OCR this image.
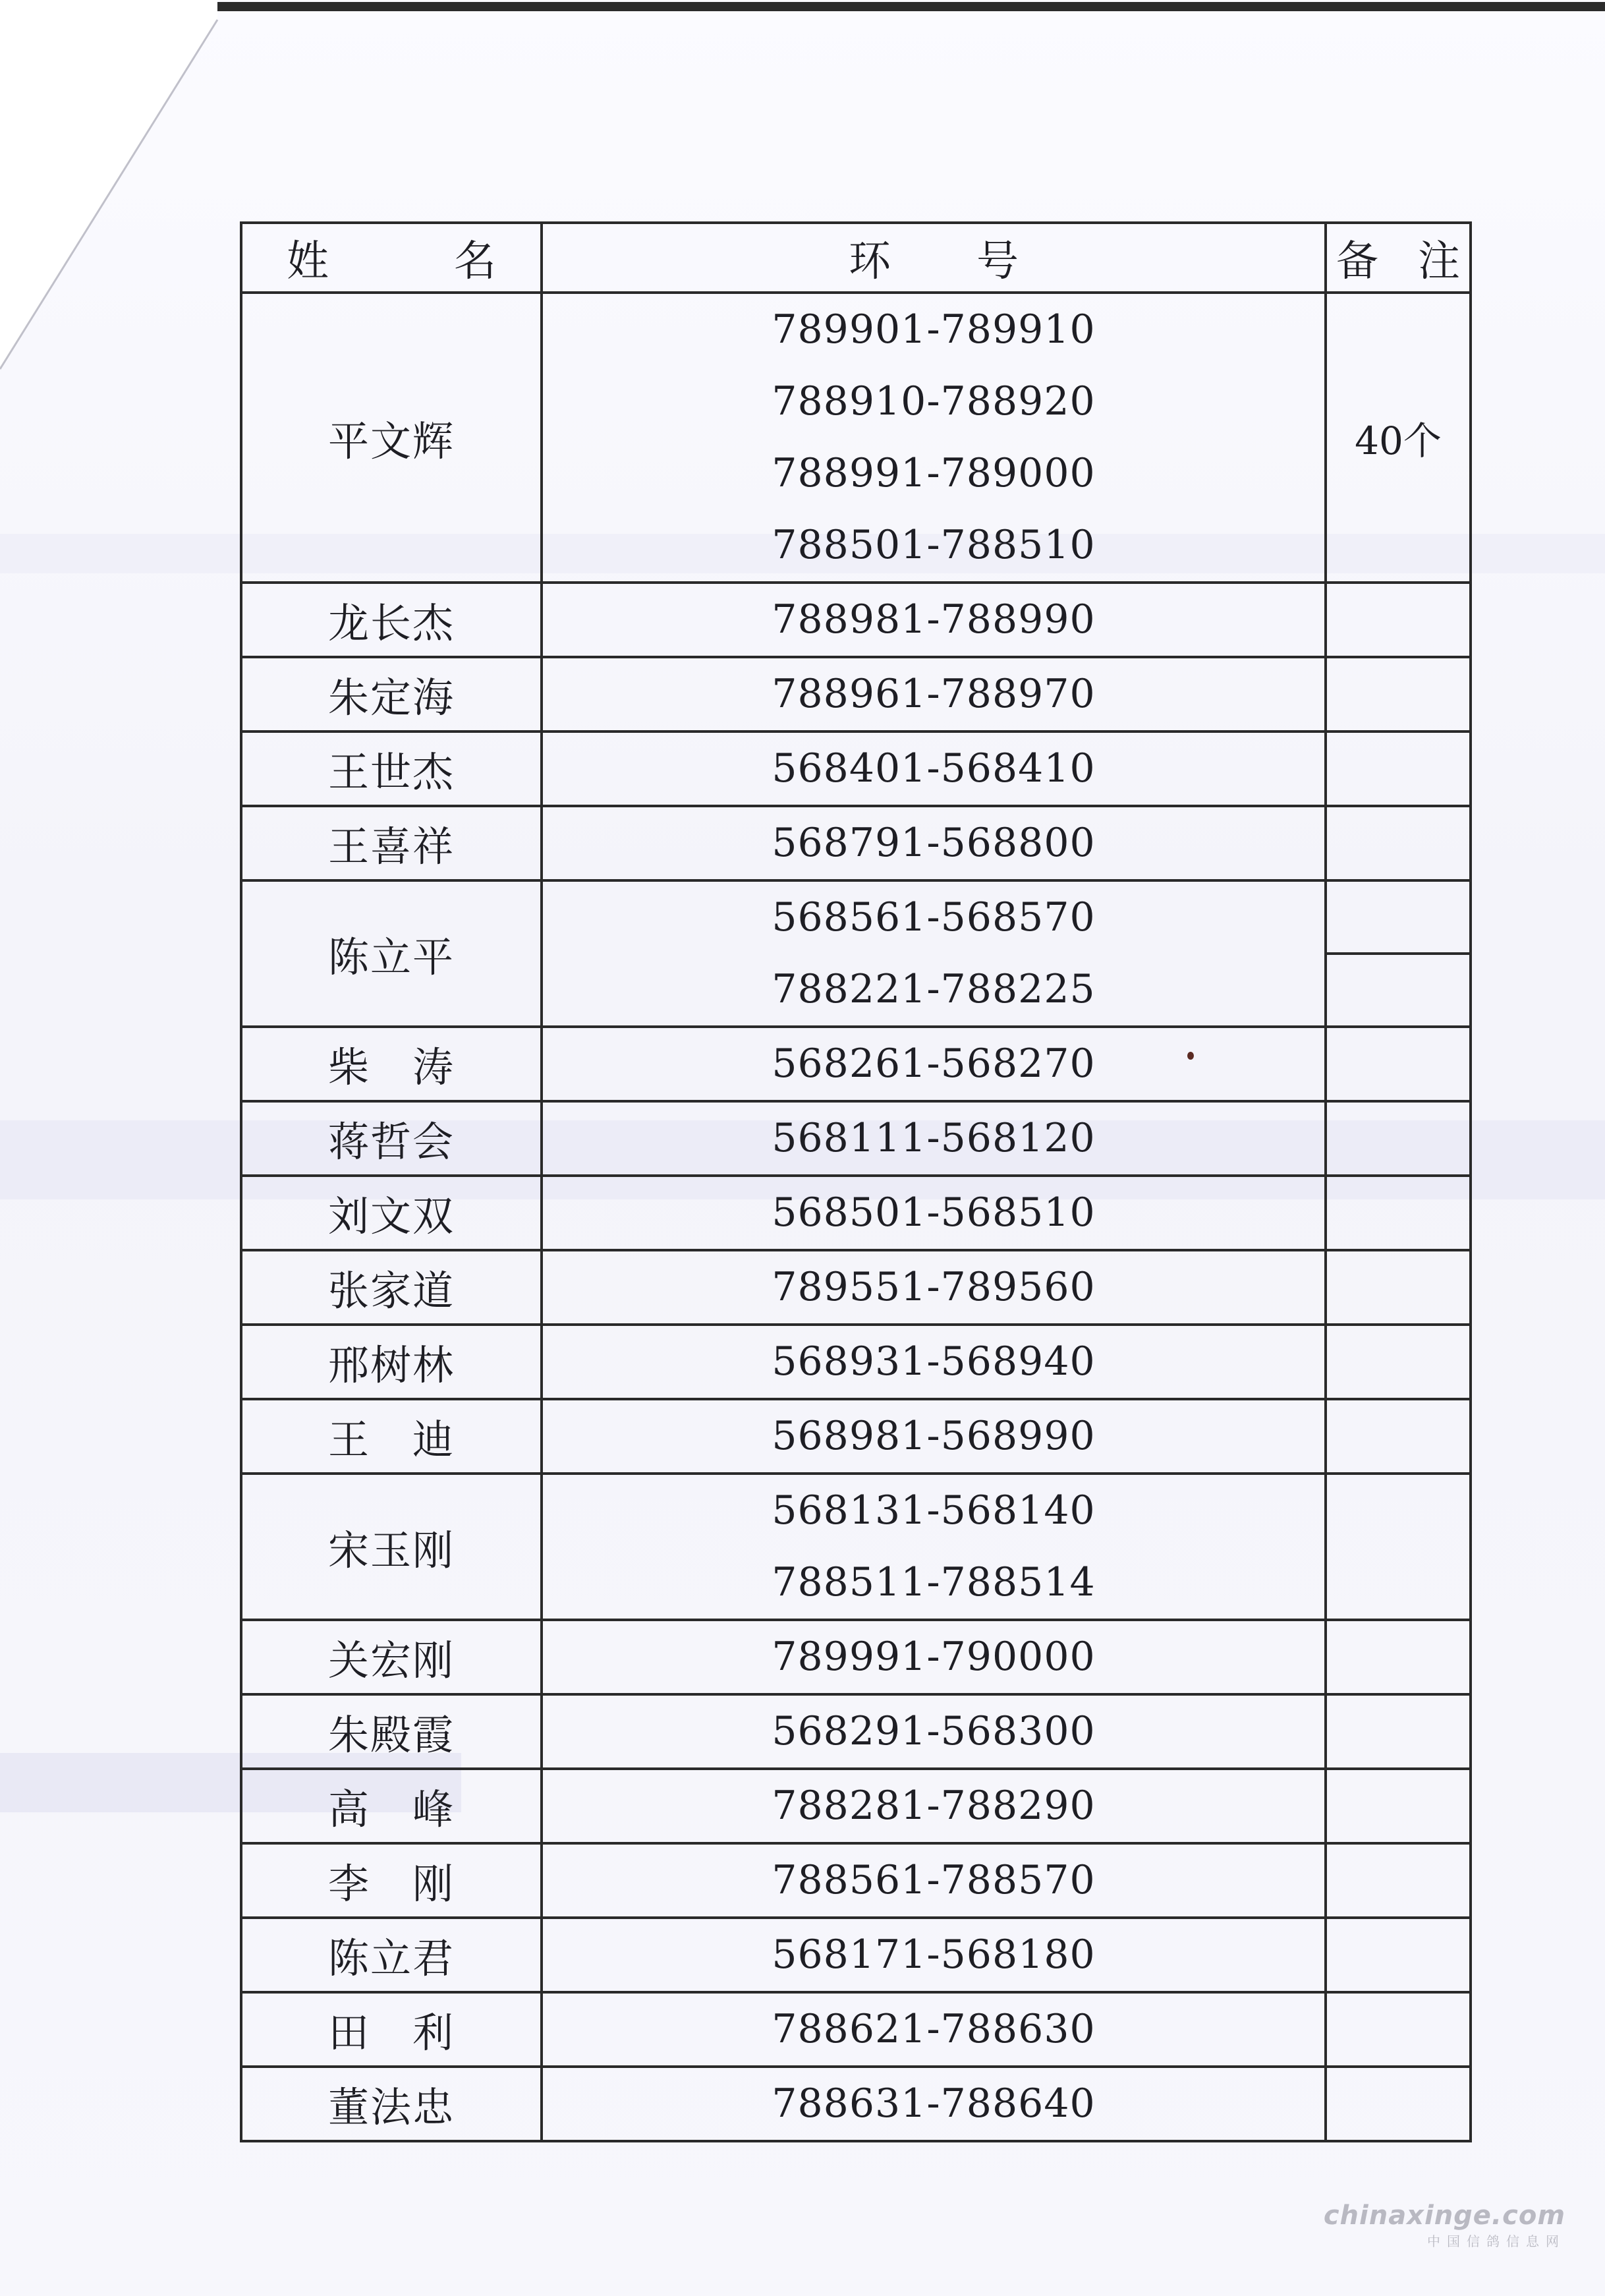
姓 名	环 号	备 注
平文辉	789901-789910
788910-788920
788991-789000
788501-788510	40个
龙长杰	788981-788990	

朱定海	788961-788970	

王世杰	568401-568410	

王喜祥	568791-568800	

陈立平	568561-568570
788221-788225	

柴　涛	568261-568270	

蒋哲会	568111-568120	

刘文双	568501-568510	

张家道	789551-789560	

邢树林	568931-568940	

王　迪	568981-568990	

宋玉刚	568131-568140
788511-788514	

关宏刚	789991-790000	

朱殿霞	568291-568300	

高　峰	788281-788290	

李　刚	788561-788570	

陈立君	568171-568180	

田　利	788621-788630	

董法忠	788631-788640	

chinaxinge.com
中国信鸽信息网
